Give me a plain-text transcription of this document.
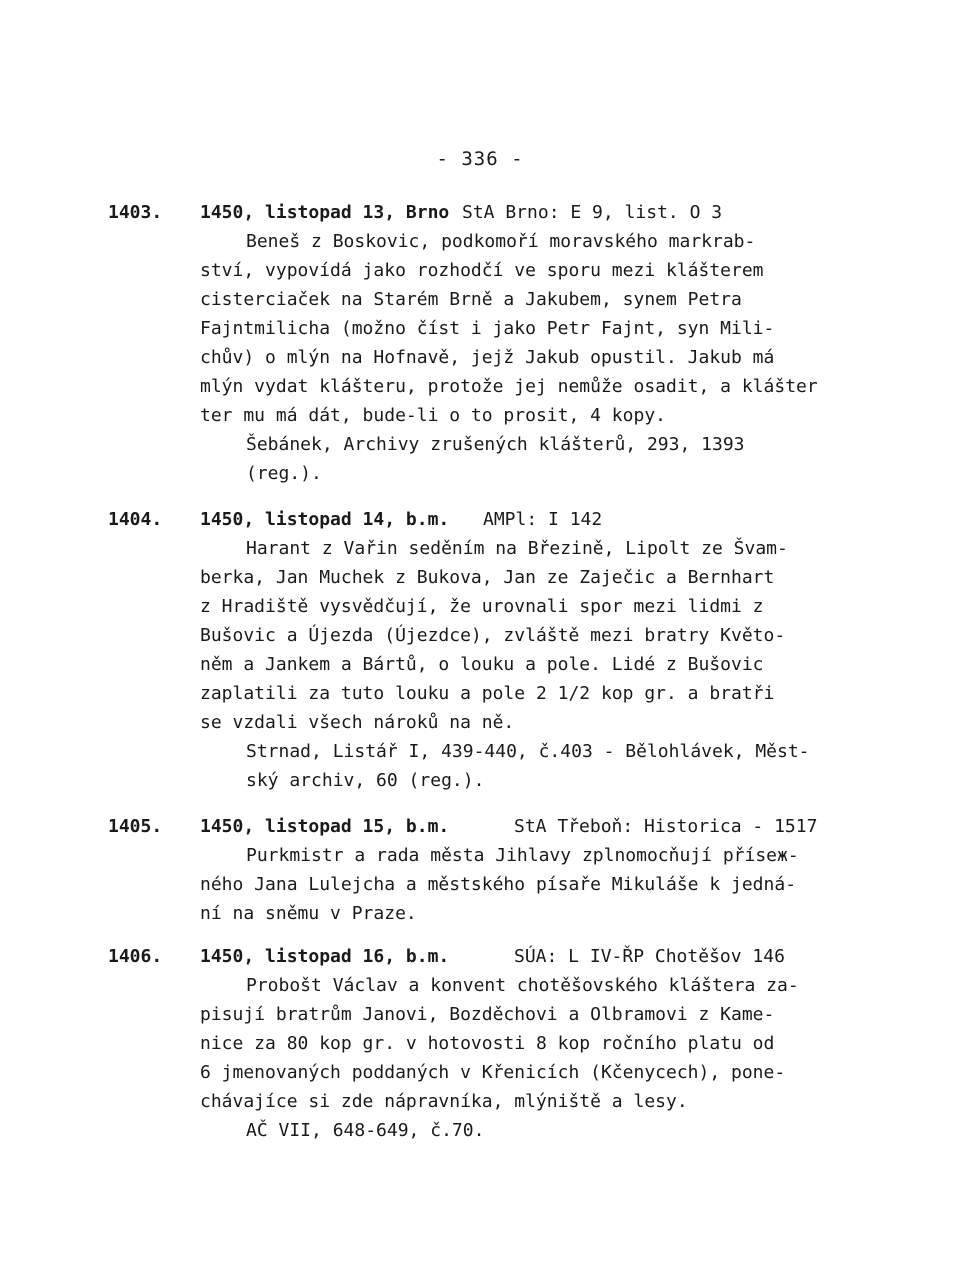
- 336 -
1403. 1450, listopad 13, Brno StA Brno: E 9, list. O 3
Beneš z Boskovic, podkomoří moravského markrab-
ství, vypovídá jako rozhodčí ve sporu mezi klášterem
cisterciaček na Starém Brně a Jakubem, synem Petra
Fajntmilicha (možno číst i jako Petr Fajnt, syn Mili-
chův) o mlýn na Hofnavě, jejž Jakub opustil. Jakub má
mlýn vydat klášteru, protože jej nemůže osadit, a klášter
ter mu má dát, bude-li o to prosit, 4 kopy.
Šebánek, Archivy zrušených klášterů, 293, 1393
(reg.).
1404. 1450, listopad 14, b.m. AMPl: I 142
Harant z Vařin seděním na Březině, Lipolt ze Švam-
berka, Jan Muchek z Bukova, Jan ze Zaječic a Bernhart
z Hradiště vysvědčují, že urovnali spor mezi lidmi z
Bušovic a Újezda (Újezdce), zvláště mezi bratry Květo-
něm a Jankem a Bártů, o louku a pole. Lidé z Bušovic
zaplatili za tuto louku a pole 2 1/2 kop gr. a bratři
se vzdali všech nároků na ně.
Strnad, Listář I, 439-440, č.403 - Bělohlávek, Měst-
ský archiv, 60 (reg.).
1405. 1450, listopad 15, b.m.	StA Třeboň: Historica - 1517
Purkmistr a rada města Jihlavy zplnomocňují příseж-
ného Jana Lulejcha a městského písaře Mikuláše k jedná-
ní na sněmu v Praze.
1406. 1450, listopad 16, b.m.	SÚA: L IV-ŘP Chotěšov 146
Probošt Václav a konvent chotěšovského kláštera za-
pisují bratrům Janovi, Bozděchovi a Olbramovi z Kame-
nice za 80 kop gr. v hotovosti 8 kop ročního platu od
6 jmenovaných poddaných v Křenicích (Kčenycech), pone-
chávajíce si zde nápravníka, mlýniště a lesy.
AČ VII, 648-649, č.70.
